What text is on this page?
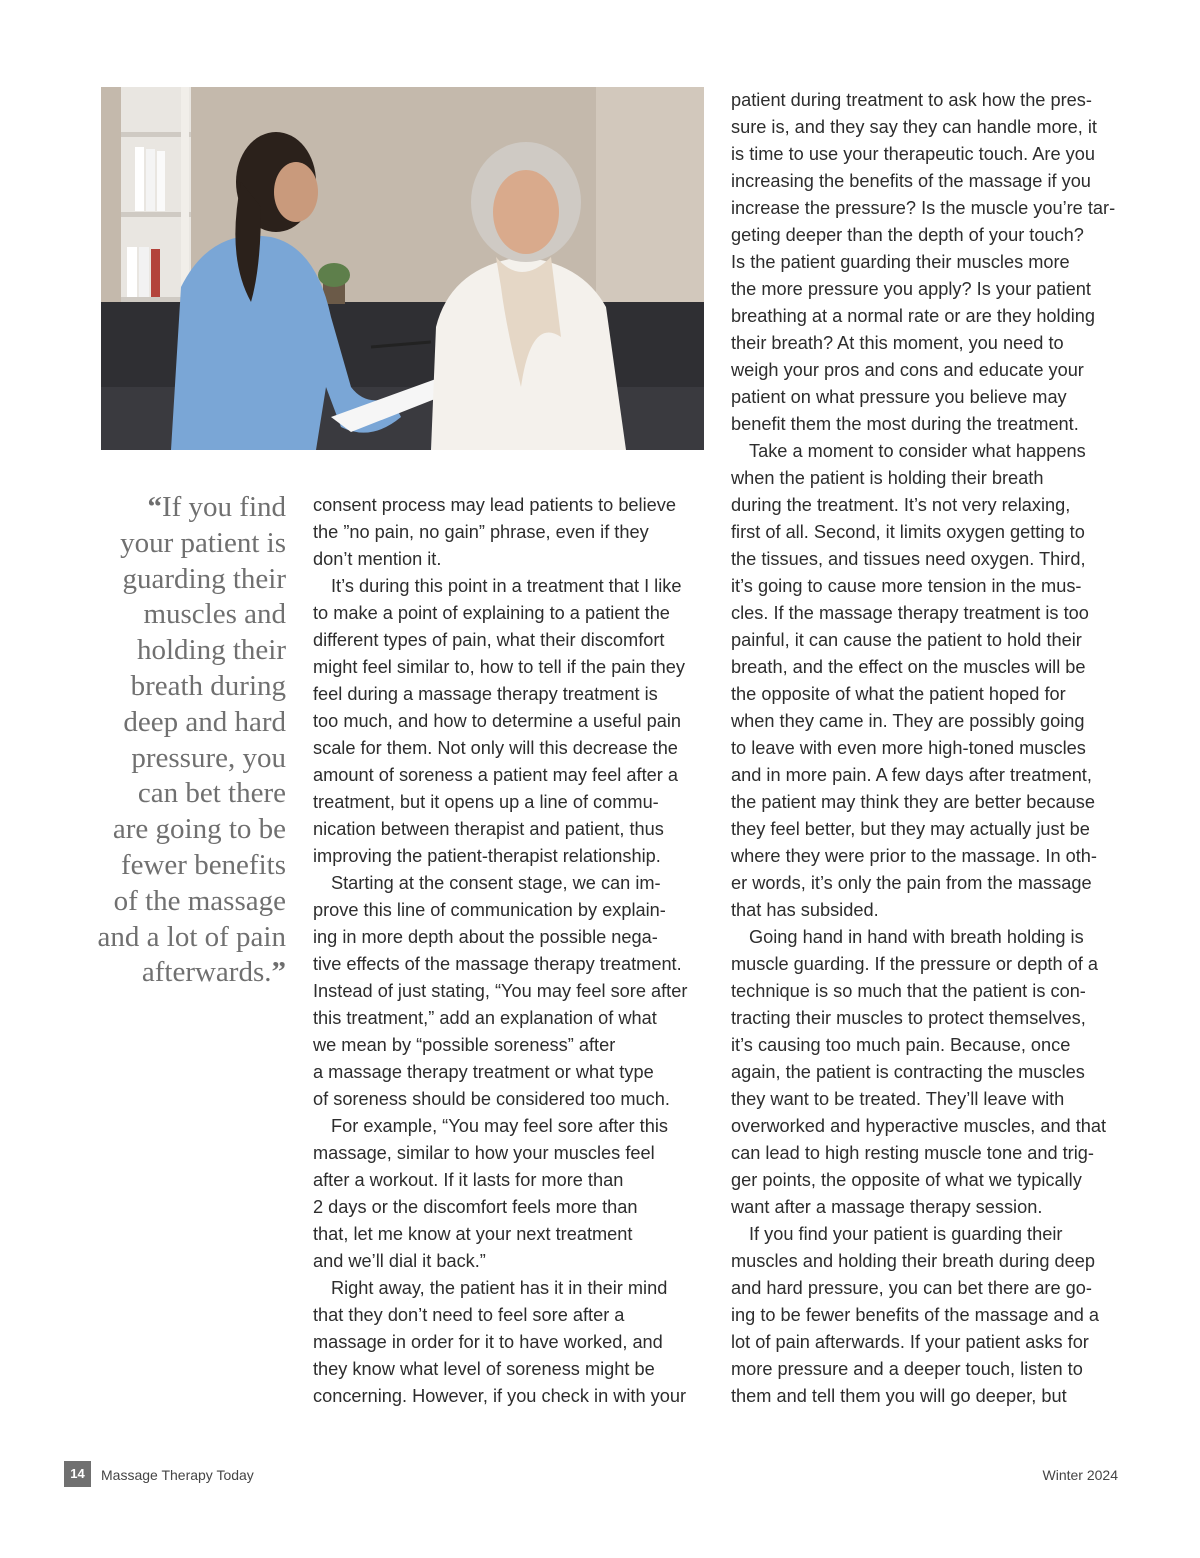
“If you find
your patient is
guarding their
muscles and
holding their
breath during
deep and hard
pressure, you
can bet there
are going to be
fewer benefits
of the massage
and a lot of pain
afterwards.”
consent process may lead patients to believe
the ”no pain, no gain” phrase, even if they
don’t mention it.
It’s during this point in a treatment that I like
to make a point of explaining to a patient the
different types of pain, what their discomfort
might feel similar to, how to tell if the pain they
feel during a massage therapy treatment is
too much, and how to determine a useful pain
scale for them. Not only will this decrease the
amount of soreness a patient may feel after a
treatment, but it opens up a line of commu-
nication between therapist and patient, thus
improving the patient-therapist relationship.
Starting at the consent stage, we can im-
prove this line of communication by explain-
ing in more depth about the possible nega-
tive effects of the massage therapy treatment.
Instead of just stating, “You may feel sore after
this treatment,” add an explanation of what
we mean by “possible soreness” after
a massage therapy treatment or what type
of soreness should be considered too much.
For example, “You may feel sore after this
massage, similar to how your muscles feel
after a workout. If it lasts for more than
2 days or the discomfort feels more than
that, let me know at your next treatment
and we’ll dial it back.”
Right away, the patient has it in their mind
that they don’t need to feel sore after a
massage in order for it to have worked, and
they know what level of soreness might be
concerning. However, if you check in with your
patient during treatment to ask how the pres-
sure is, and they say they can handle more, it
is time to use your therapeutic touch. Are you
increasing the benefits of the massage if you
increase the pressure? Is the muscle you’re tar-
geting deeper than the depth of your touch?
Is the patient guarding their muscles more
the more pressure you apply? Is your patient
breathing at a normal rate or are they holding
their breath? At this moment, you need to
weigh your pros and cons and educate your
patient on what pressure you believe may
benefit them the most during the treatment.
Take a moment to consider what happens
when the patient is holding their breath
during the treatment. It’s not very relaxing,
first of all. Second, it limits oxygen getting to
the tissues, and tissues need oxygen. Third,
it’s going to cause more tension in the mus-
cles. If the massage therapy treatment is too
painful, it can cause the patient to hold their
breath, and the effect on the muscles will be
the opposite of what the patient hoped for
when they came in. They are possibly going
to leave with even more high-toned muscles
and in more pain. A few days after treatment,
the patient may think they are better because
they feel better, but they may actually just be
where they were prior to the massage. In oth-
er words, it’s only the pain from the massage
that has subsided.
Going hand in hand with breath holding is
muscle guarding. If the pressure or depth of a
technique is so much that the patient is con-
tracting their muscles to protect themselves,
it’s causing too much pain. Because, once
again, the patient is contracting the muscles
they want to be treated. They’ll leave with
overworked and hyperactive muscles, and that
can lead to high resting muscle tone and trig-
ger points, the opposite of what we typically
want after a massage therapy session.
If you find your patient is guarding their
muscles and holding their breath during deep
and hard pressure, you can bet there are go-
ing to be fewer benefits of the massage and a
lot of pain afterwards. If your patient asks for
more pressure and a deeper touch, listen to
them and tell them you will go deeper, but
14	Massage Therapy Today	Winter 2024
